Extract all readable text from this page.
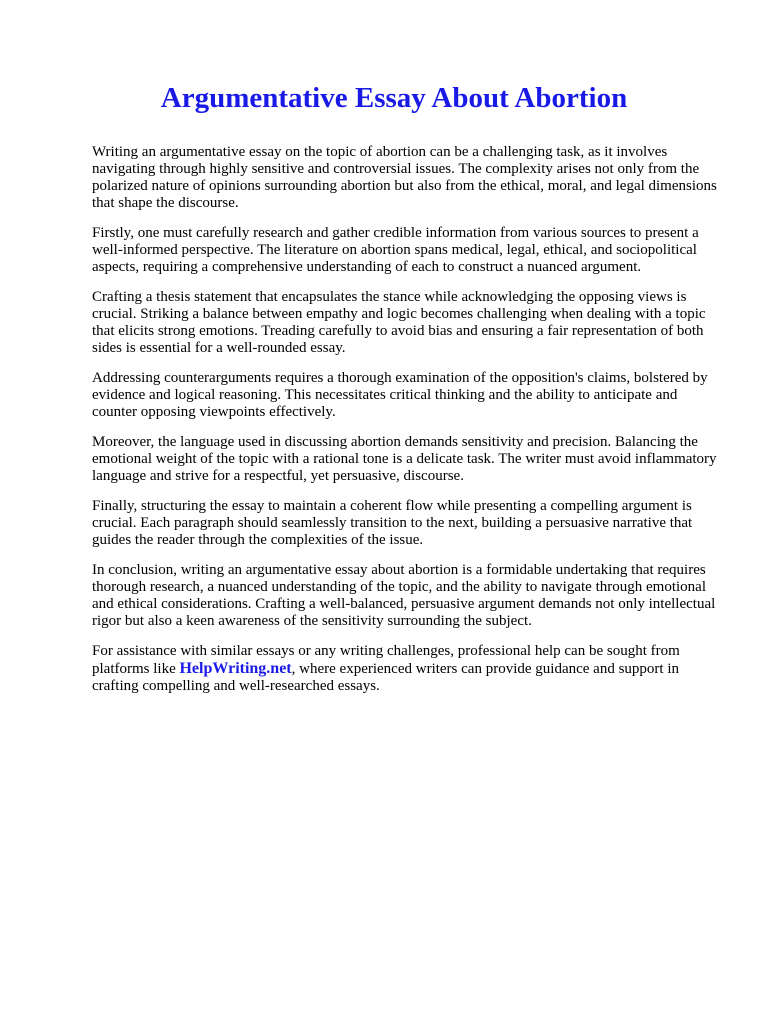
Argumentative Essay About Abortion

Writing an argumentative essay on the topic of abortion can be a challenging task, as it involves navigating through highly sensitive and controversial issues. The complexity arises not only from the polarized nature of opinions surrounding abortion but also from the ethical, moral, and legal dimensions that shape the discourse.

Firstly, one must carefully research and gather credible information from various sources to present a well-informed perspective. The literature on abortion spans medical, legal, ethical, and sociopolitical aspects, requiring a comprehensive understanding of each to construct a nuanced argument.

Crafting a thesis statement that encapsulates the stance while acknowledging the opposing views is crucial. Striking a balance between empathy and logic becomes challenging when dealing with a topic that elicits strong emotions. Treading carefully to avoid bias and ensuring a fair representation of both sides is essential for a well-rounded essay.

Addressing counterarguments requires a thorough examination of the opposition's claims, bolstered by evidence and logical reasoning. This necessitates critical thinking and the ability to anticipate and counter opposing viewpoints effectively.

Moreover, the language used in discussing abortion demands sensitivity and precision. Balancing the emotional weight of the topic with a rational tone is a delicate task. The writer must avoid inflammatory language and strive for a respectful, yet persuasive, discourse.

Finally, structuring the essay to maintain a coherent flow while presenting a compelling argument is crucial. Each paragraph should seamlessly transition to the next, building a persuasive narrative that guides the reader through the complexities of the issue.

In conclusion, writing an argumentative essay about abortion is a formidable undertaking that requires thorough research, a nuanced understanding of the topic, and the ability to navigate through emotional and ethical considerations. Crafting a well-balanced, persuasive argument demands not only intellectual rigor but also a keen awareness of the sensitivity surrounding the subject.

For assistance with similar essays or any writing challenges, professional help can be sought from platforms like HelpWriting.net, where experienced writers can provide guidance and support in crafting compelling and well-researched essays.
